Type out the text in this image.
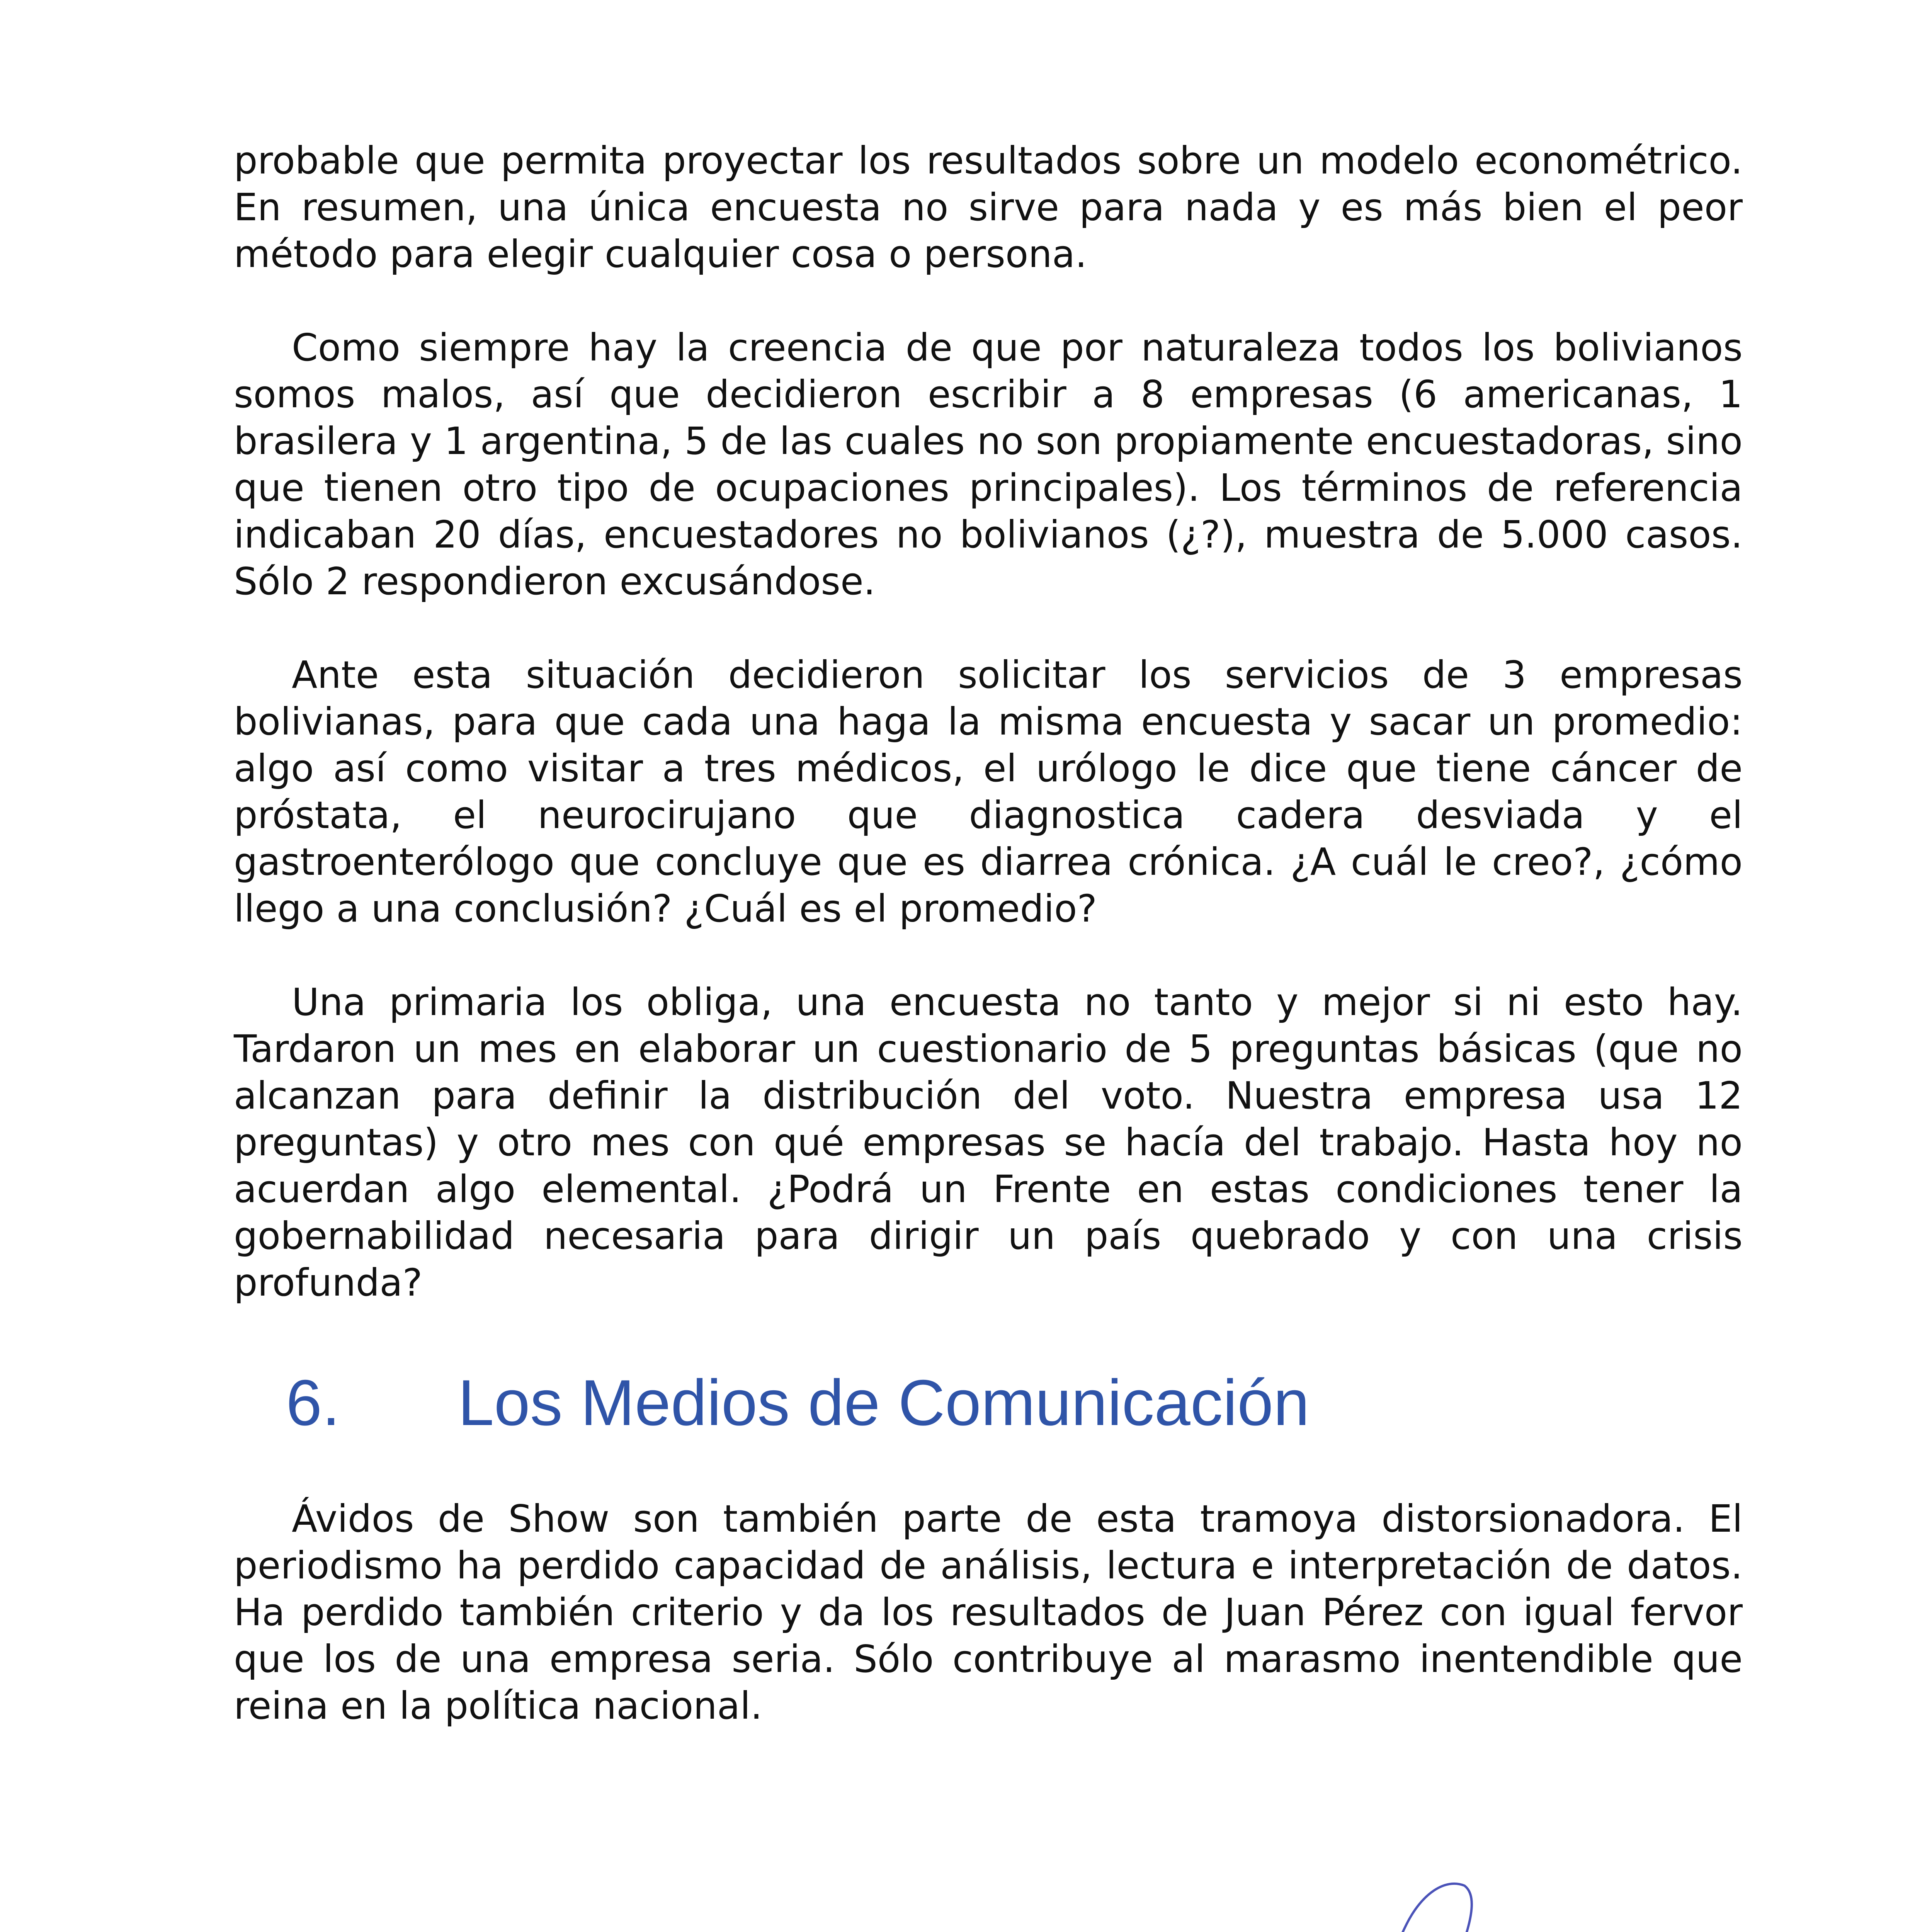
probable que permita proyectar los resultados sobre un modelo econométrico. En resumen, una única encuesta no sirve para nada y es más bien el peor método para elegir cualquier cosa o persona.

Como siempre hay la creencia de que por naturaleza todos los bolivianos somos malos, así que decidieron escribir a 8 empresas (6 americanas, 1 brasilera y 1 argentina, 5 de las cuales no son propiamente encuestadoras, sino que tienen otro tipo de ocupaciones principales). Los términos de referencia indicaban 20 días, encuestadores no bolivianos (¿?), muestra de 5.000 casos. Sólo 2 respondieron excusándose.

Ante esta situación decidieron solicitar los servicios de 3 empresas bolivianas, para que cada una haga la misma encuesta y sacar un promedio: algo así como visitar a tres médicos, el urólogo le dice que tiene cáncer de próstata, el neurocirujano que diagnostica cadera desviada y el gastroenterólogo que concluye que es diarrea crónica. ¿A cuál le creo?, ¿cómo llego a una conclusión? ¿Cuál es el promedio?

Una primaria los obliga, una encuesta no tanto y mejor si ni esto hay. Tardaron un mes en elaborar un cuestionario de 5 preguntas básicas (que no alcanzan para definir la distribución del voto. Nuestra empresa usa 12 preguntas) y otro mes con qué empresas se hacía del trabajo. Hasta hoy no acuerdan algo elemental. ¿Podrá un Frente en estas condiciones tener la gobernabilidad necesaria para dirigir un país quebrado y con una crisis profunda?

6. Los Medios de Comunicación

Ávidos de Show son también parte de esta tramoya distorsionadora. El periodismo ha perdido capacidad de análisis, lectura e interpretación de datos. Ha perdido también criterio y da los resultados de Juan Pérez con igual fervor que los de una empresa seria. Sólo contribuye al marasmo inentendible que reina en la política nacional.
